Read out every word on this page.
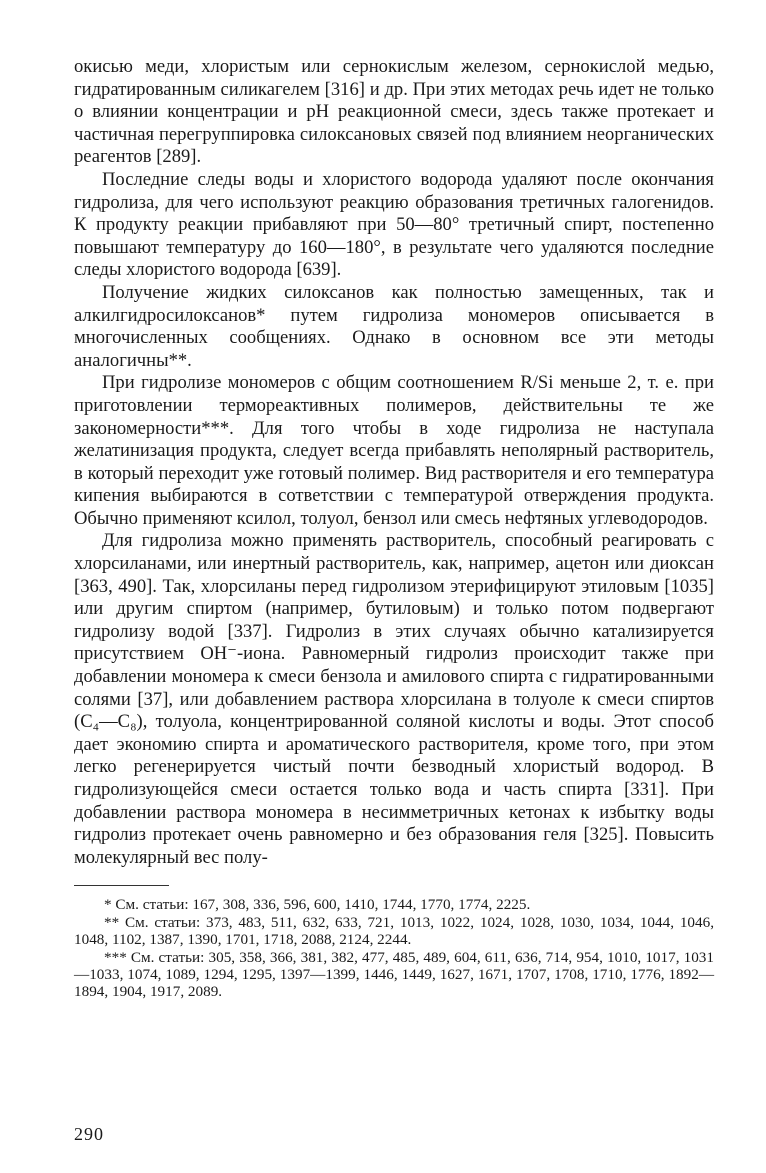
окисью меди, хлористым или сернокислым железом, сернокислой медью, гидратированным силикагелем [316] и др. При этих методах речь идет не только о влиянии концентрации и pH реакционной смеси, здесь также протекает и частичная перегруппировка силоксановых связей под влиянием неорганических реагентов [289].

Последние следы воды и хлористого водорода удаляют после окончания гидролиза, для чего используют реакцию образования третичных галогенидов. К продукту реакции прибавляют при 50—80° третичный спирт, постепенно повышают температуру до 160—180°, в результате чего удаляются последние следы хлористого водорода [639].

Получение жидких силоксанов как полностью замещенных, так и алкилгидросилоксанов* путем гидролиза мономеров описывается в многочисленных сообщениях. Однако в основном все эти методы аналогичны**.

При гидролизе мономеров с общим соотношением R/Si меньше 2, т. е. при приготовлении термореактивных полимеров, действительны те же закономерности***. Для того чтобы в ходе гидролиза не наступала желатинизация продукта, следует всегда прибавлять неполярный растворитель, в который переходит уже готовый полимер. Вид растворителя и его температура кипения выбираются в сответствии с температурой отверждения продукта. Обычно применяют ксилол, толуол, бензол или смесь нефтяных углеводородов.

Для гидролиза можно применять растворитель, способный реагировать с хлорсиланами, или инертный растворитель, как, например, ацетон или диоксан [363, 490]. Так, хлорсиланы перед гидролизом этерифицируют этиловым [1035] или другим спиртом (например, бутиловым) и только потом подвергают гидролизу водой [337]. Гидролиз в этих случаях обычно катализируется присутствием OH⁻-иона. Равномерный гидролиз происходит также при добавлении мономера к смеси бензола и амилового спирта с гидратированными солями [37], или добавлением раствора хлорсилана в толуоле к смеси спиртов (C₄—C₈), толуола, концентрированной соляной кислоты и воды. Этот способ дает экономию спирта и ароматического растворителя, кроме того, при этом легко регенерируется чистый почти безводный хлористый водород. В гидролизующейся смеси остается только вода и часть спирта [331]. При добавлении раствора мономера в несимметричных кетонах к избытку воды гидролиз протекает очень равномерно и без образования геля [325]. Повысить молекулярный вес полу-

* См. статьи: 167, 308, 336, 596, 600, 1410, 1744, 1770, 1774, 2225.

** См. статьи: 373, 483, 511, 632, 633, 721, 1013, 1022, 1024, 1028, 1030, 1034, 1044, 1046, 1048, 1102, 1387, 1390, 1701, 1718, 2088, 2124, 2244.

*** См. статьи: 305, 358, 366, 381, 382, 477, 485, 489, 604, 611, 636, 714, 954, 1010, 1017, 1031—1033, 1074, 1089, 1294, 1295, 1397—1399, 1446, 1449, 1627, 1671, 1707, 1708, 1710, 1776, 1892—1894, 1904, 1917, 2089.

290
